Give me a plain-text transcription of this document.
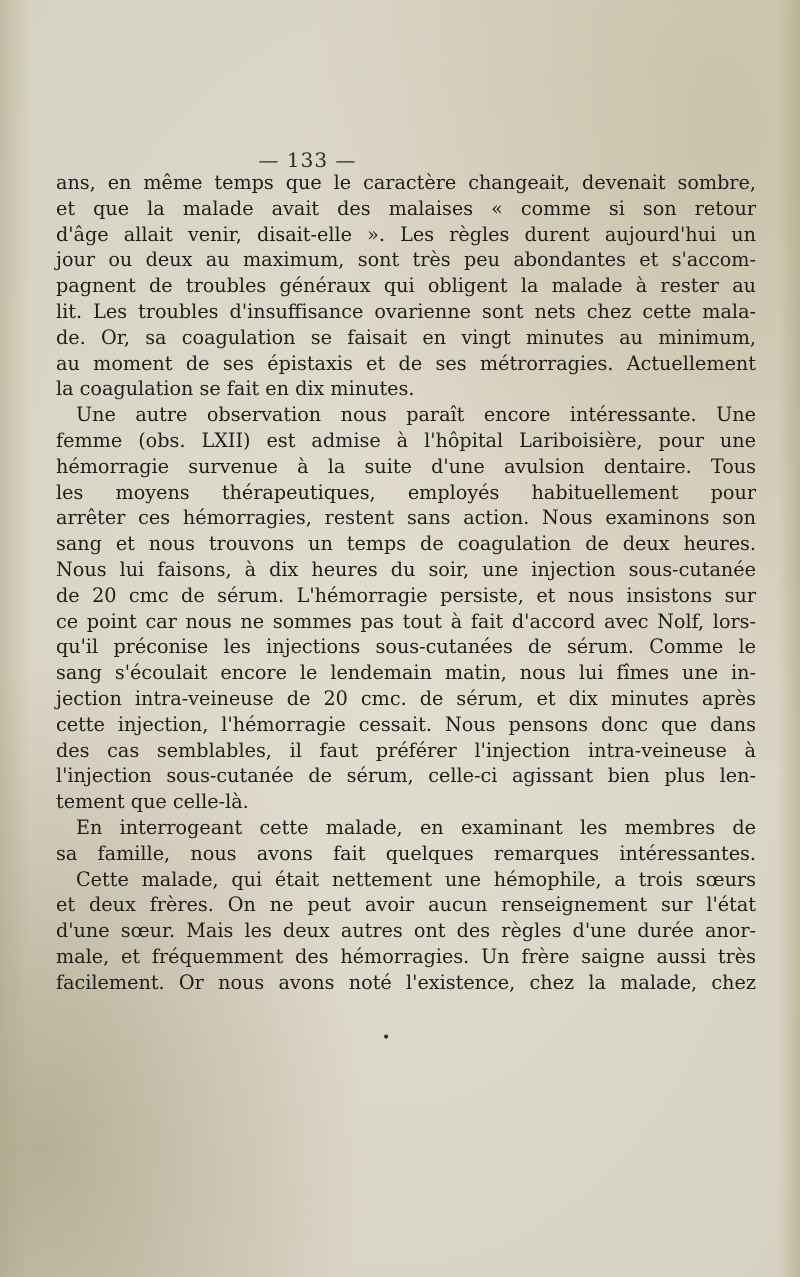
— 133 —
ans, en même temps que le caractère changeait, devenait sombre,
et que la malade avait des malaises « comme si son retour
d'âge allait venir, disait-elle ». Les règles durent aujourd'hui un
jour ou deux au maximum, sont très peu abondantes et s'accom-
pagnent de troubles généraux qui obligent la malade à rester au
lit. Les troubles d'insuffisance ovarienne sont nets chez cette mala-
de. Or, sa coagulation se faisait en vingt minutes au minimum,
au moment de ses épistaxis et de ses métrorragies. Actuellement
la coagulation se fait en dix minutes.
Une autre observation nous paraît encore intéressante. Une
femme (obs. LXII) est admise à l'hôpital Lariboisière, pour une
hémorragie survenue à la suite d'une avulsion dentaire. Tous
les moyens thérapeutiques, employés habituellement pour
arrêter ces hémorragies, restent sans action. Nous examinons son
sang et nous trouvons un temps de coagulation de deux heures.
Nous lui faisons, à dix heures du soir, une injection sous-cutanée
de 20 cmc de sérum. L'hémorragie persiste, et nous insistons sur
ce point car nous ne sommes pas tout à fait d'accord avec Nolf, lors-
qu'il préconise les injections sous-cutanées de sérum. Comme le
sang s'écoulait encore le lendemain matin, nous lui fîmes une in-
jection intra-veineuse de 20 cmc. de sérum, et dix minutes après
cette injection, l'hémorragie cessait. Nous pensons donc que dans
des cas semblables, il faut préférer l'injection intra-veineuse à
l'injection sous-cutanée de sérum, celle-ci agissant bien plus len-
tement que celle-là.
En interrogeant cette malade, en examinant les membres de
sa famille, nous avons fait quelques remarques intéressantes.
Cette malade, qui était nettement une hémophile, a trois sœurs
et deux frères. On ne peut avoir aucun renseignement sur l'état
d'une sœur. Mais les deux autres ont des règles d'une durée anor-
male, et fréquemment des hémorragies. Un frère saigne aussi très
facilement. Or nous avons noté l'existence, chez la malade, chez
•
